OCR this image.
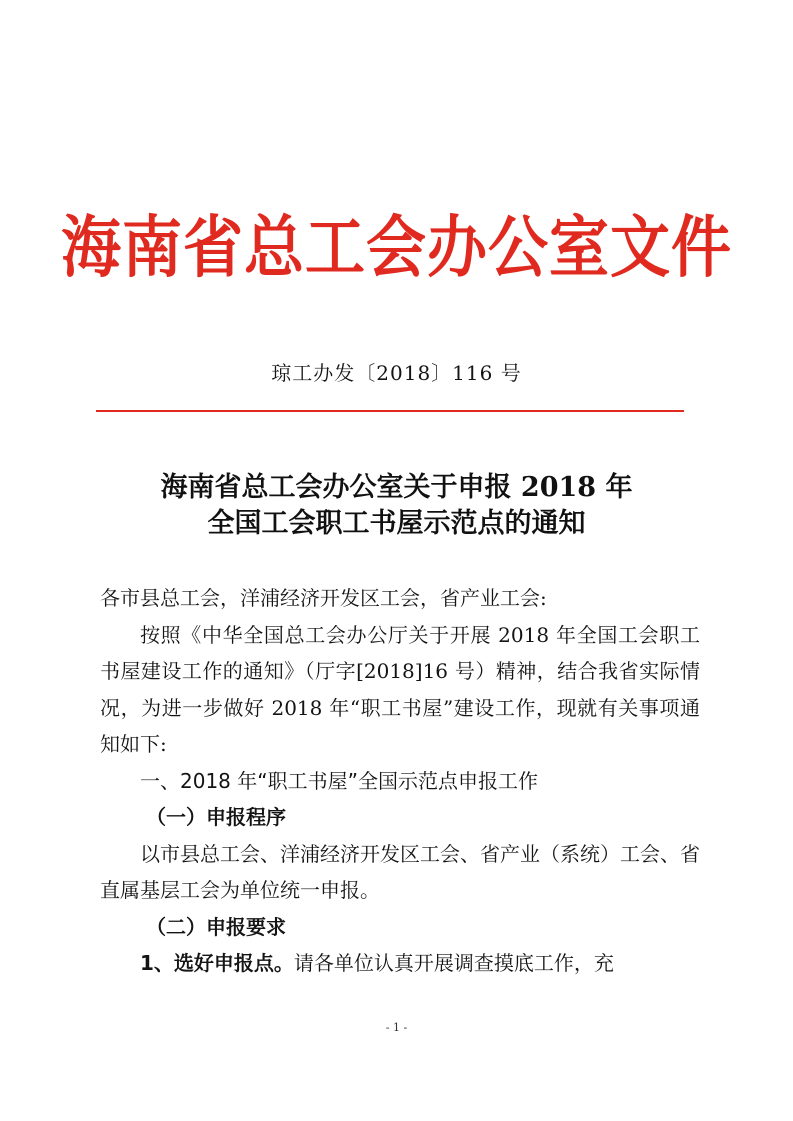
海南省总工会办公室文件
琼工办发〔2018〕116 号
海南省总工会办公室关于申报 2018 年
全国工会职工书屋示范点的通知

各市县总工会，洋浦经济开发区工会，省产业工会:

按照《中华全国总工会办公厅关于开展 2018 年全国工会职工书屋建设工作的通知》（厅字[2018]16 号）精神，结合我省实际情况，为进一步做好 2018 年“职工书屋”建设工作，现就有关事项通知如下:

一、2018 年“职工书屋”全国示范点申报工作

（一）申报程序

以市县总工会、洋浦经济开发区工会、省产业（系统）工会、省直属基层工会为单位统一申报。

（二）申报要求

1、选好申报点。请各单位认真开展调查摸底工作，充

- 1 -
